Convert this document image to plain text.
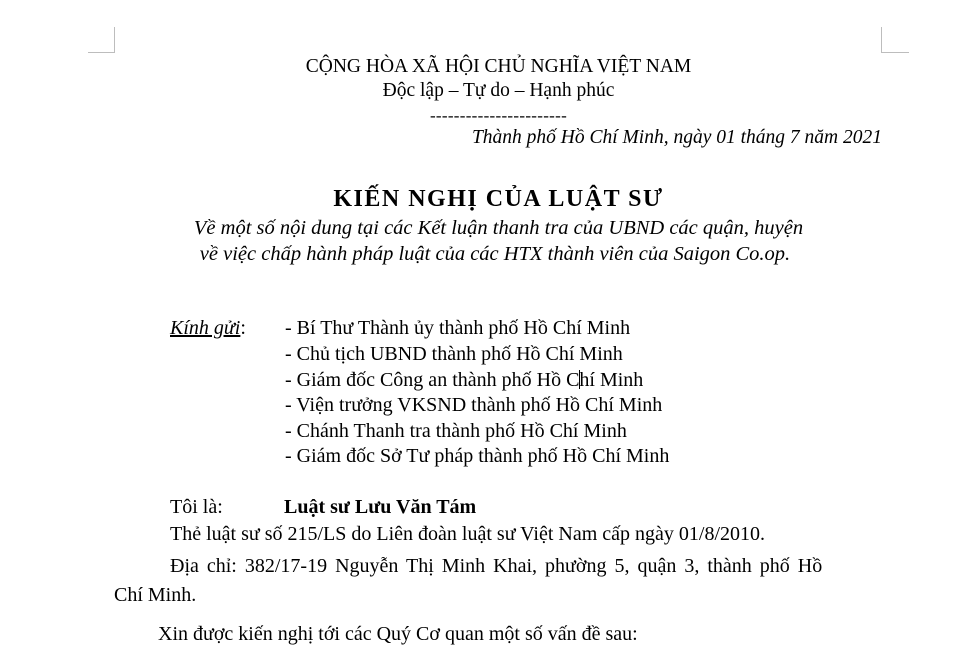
CỘNG HÒA XÃ HỘI CHỦ NGHĨA VIỆT NAM
Độc lập – Tự do – Hạnh phúc
-----------------------
Thành phố Hồ Chí Minh, ngày 01 tháng 7 năm 2021
KIẾN NGHỊ CỦA LUẬT SƯ
Về một số nội dung tại các Kết luận thanh tra của UBND các quận, huyện
về việc chấp hành pháp luật của các HTX thành viên của Saigon Co.op.
Kính gửi: - Bí Thư Thành ủy thành phố Hồ Chí Minh
- Chủ tịch UBND thành phố Hồ Chí Minh
- Giám đốc Công an thành phố Hồ Chí Minh
- Viện trưởng VKSND thành phố Hồ Chí Minh
- Chánh Thanh tra thành phố Hồ Chí Minh
- Giám đốc Sở Tư pháp thành phố Hồ Chí Minh
Tôi là:	Luật sư Lưu Văn Tám
Thẻ luật sư số 215/LS do Liên đoàn luật sư Việt Nam cấp ngày 01/8/2010.
Địa chỉ: 382/17-19 Nguyễn Thị Minh Khai, phường 5, quận 3, thành phố Hồ
Chí Minh.
Xin được kiến nghị tới các Quý Cơ quan một số vấn đề sau:
